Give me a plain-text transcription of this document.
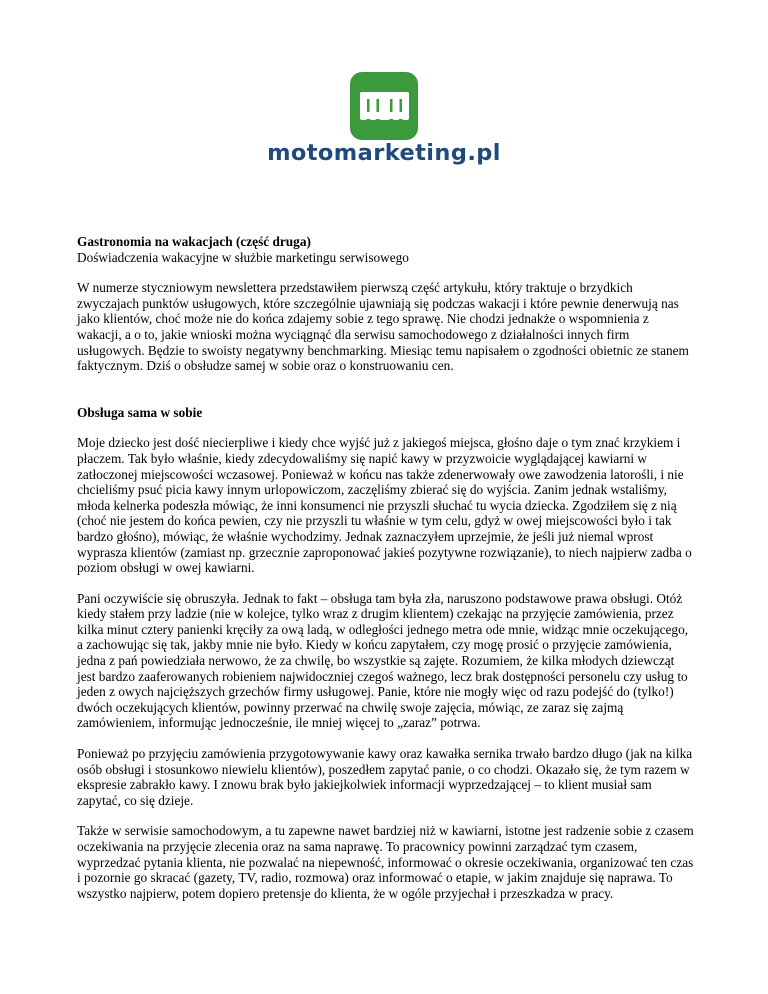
motomarketing.pl

Gastronomia na wakacjach (część druga)

Doświadczenia wakacyjne w służbie marketingu serwisowego

W numerze styczniowym newslettera przedstawiłem pierwszą część artykułu, który traktuje o brzydkich zwyczajach punktów usługowych, które szczególnie ujawniają się podczas wakacji i które pewnie denerwują nas jako klientów, choć może nie do końca zdajemy sobie z tego sprawę. Nie chodzi jednakże o wspomnienia z wakacji, a o to, jakie wnioski można wyciągnąć dla serwisu samochodowego z działalności innych firm usługowych. Będzie to swoisty negatywny benchmarking. Miesiąc temu napisałem o zgodności obietnic ze stanem faktycznym. Dziś o obsłudze samej w sobie oraz o konstruowaniu cen.

Obsługa sama w sobie

Moje dziecko jest dość niecierpliwe i kiedy chce wyjść już z jakiegoś miejsca, głośno daje o tym znać krzykiem i płaczem. Tak było właśnie, kiedy zdecydowaliśmy się napić kawy w przyzwoicie wyglądającej kawiarni w zatłoczonej miejscowości wczasowej. Ponieważ w końcu nas także zdenerwowały owe zawodzenia latorośli, i nie chcieliśmy psuć picia kawy innym urlopowiczom, zaczęliśmy zbierać się do wyjścia. Zanim jednak wstaliśmy, młoda kelnerka podeszła mówiąc, że inni konsumenci nie przyszli słuchać tu wycia dziecka. Zgodziłem się z nią (choć nie jestem do końca pewien, czy nie przyszli tu właśnie w tym celu, gdyż w owej miejscowości było i tak bardzo głośno), mówiąc, że właśnie wychodzimy. Jednak zaznaczyłem uprzejmie, że jeśli już niemal wprost wyprasza klientów (zamiast np. grzecznie zaproponować jakieś pozytywne rozwiązanie), to niech najpierw zadba o poziom obsługi w owej kawiarni.

Pani oczywiście się obruszyła. Jednak to fakt – obsługa tam była zła, naruszono podstawowe prawa obsługi. Otóż kiedy stałem przy ladzie (nie w kolejce, tylko wraz z drugim klientem) czekając na przyjęcie zamówienia, przez kilka minut cztery panienki kręciły za ową ladą, w odległości jednego metra ode mnie, widząc mnie oczekującego, a zachowując się tak, jakby mnie nie było. Kiedy w końcu zapytałem, czy mogę prosić o przyjęcie zamówienia, jedna z pań powiedziała nerwowo, że za chwilę, bo wszystkie są zajęte. Rozumiem, że kilka młodych dziewcząt jest bardzo zaaferowanych robieniem najwidoczniej czegoś ważnego, lecz brak dostępności personelu czy usług to jeden z owych najcięższych grzechów firmy usługowej. Panie, które nie mogły więc od razu podejść do (tylko!) dwóch oczekujących klientów, powinny przerwać na chwilę swoje zajęcia, mówiąc, ze zaraz się zajmą zamówieniem, informując jednocześnie, ile mniej więcej to „zaraz” potrwa.

Ponieważ po przyjęciu zamówienia przygotowywanie kawy oraz kawałka sernika trwało bardzo długo (jak na kilka osób obsługi i stosunkowo niewielu klientów), poszedłem zapytać panie, o co chodzi. Okazało się, że tym razem w ekspresie zabrakło kawy. I znowu brak było jakiejkolwiek informacji wyprzedzającej – to klient musiał sam zapytać, co się dzieje.

Także w serwisie samochodowym, a tu zapewne nawet bardziej niż w kawiarni, istotne jest radzenie sobie z czasem oczekiwania na przyjęcie zlecenia oraz na sama naprawę. To pracownicy powinni zarządzać tym czasem, wyprzedzać pytania klienta, nie pozwalać na niepewność, informować o okresie oczekiwania, organizować ten czas i pozornie go skracać (gazety, TV, radio, rozmowa) oraz informować o etapie, w jakim znajduje się naprawa. To wszystko najpierw, potem dopiero pretensje do klienta, że w ogóle przyjechał i przeszkadza w pracy.
